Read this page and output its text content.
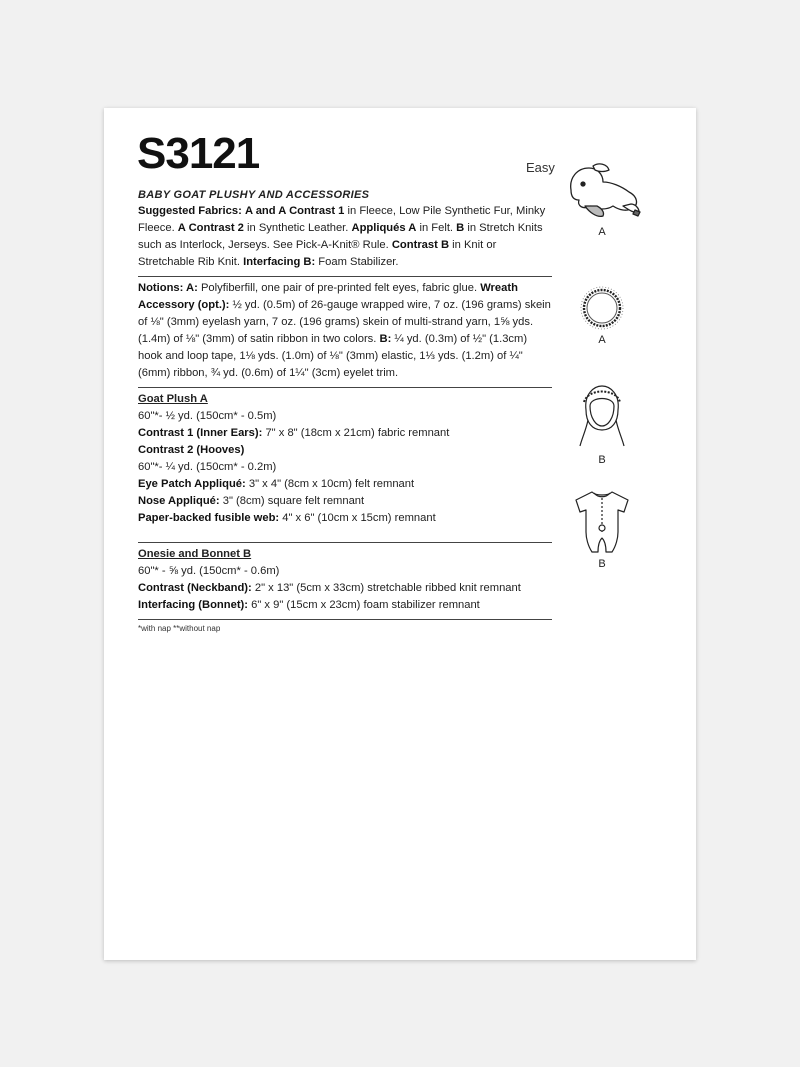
S3121	Easy

BABY GOAT PLUSHY AND ACCESSORIES

Suggested Fabrics: A and A Contrast 1 in Fleece, Low Pile Synthetic Fur, Minky Fleece. A Contrast 2 in Synthetic Leather. Appliqués A in Felt. B in Stretch Knits such as Interlock, Jerseys. See Pick-A-Knit® Rule. Contrast B in Knit or Stretchable Rib Knit. Interfacing B: Foam Stabilizer.

Notions: A: Polyfiberfill, one pair of pre-printed felt eyes, fabric glue. Wreath Accessory (opt.): ½ yd. (0.5m) of 26-gauge wrapped wire, 7 oz. (196 grams) skein of ⅛" (3mm) eyelash yarn, 7 oz. (196 grams) skein of multi-strand yarn, 1⅝ yds. (1.4m) of ⅛" (3mm) of satin ribbon in two colors. B: ¼ yd. (0.3m) of ½" (1.3cm) hook and loop tape, 1⅛ yds. (1.0m) of ⅛" (3mm) elastic, 1⅓ yds. (1.2m) of ¼" (6mm) ribbon, ¾ yd. (0.6m) of 1¼" (3cm) eyelet trim.

Goat Plush A

60"*- ½ yd. (150cm* - 0.5m)

Contrast 1 (Inner Ears): 7" x 8" (18cm x 21cm) fabric remnant

Contrast 2 (Hooves)

60"*- ¼ yd. (150cm* - 0.2m)

Eye Patch Appliqué: 3" x 4" (8cm x 10cm) felt remnant

Nose Appliqué: 3" (8cm) square felt remnant

Paper-backed fusible web: 4" x 6" (10cm x 15cm) remnant

Onesie and Bonnet B

60"* - ⅝ yd. (150cm* - 0.6m)

Contrast (Neckband): 2" x 13" (5cm x 33cm) stretchable ribbed knit remnant

Interfacing (Bonnet): 6" x 9" (15cm x 23cm) foam stabilizer remnant

*with nap **without nap
A
A
B
B
